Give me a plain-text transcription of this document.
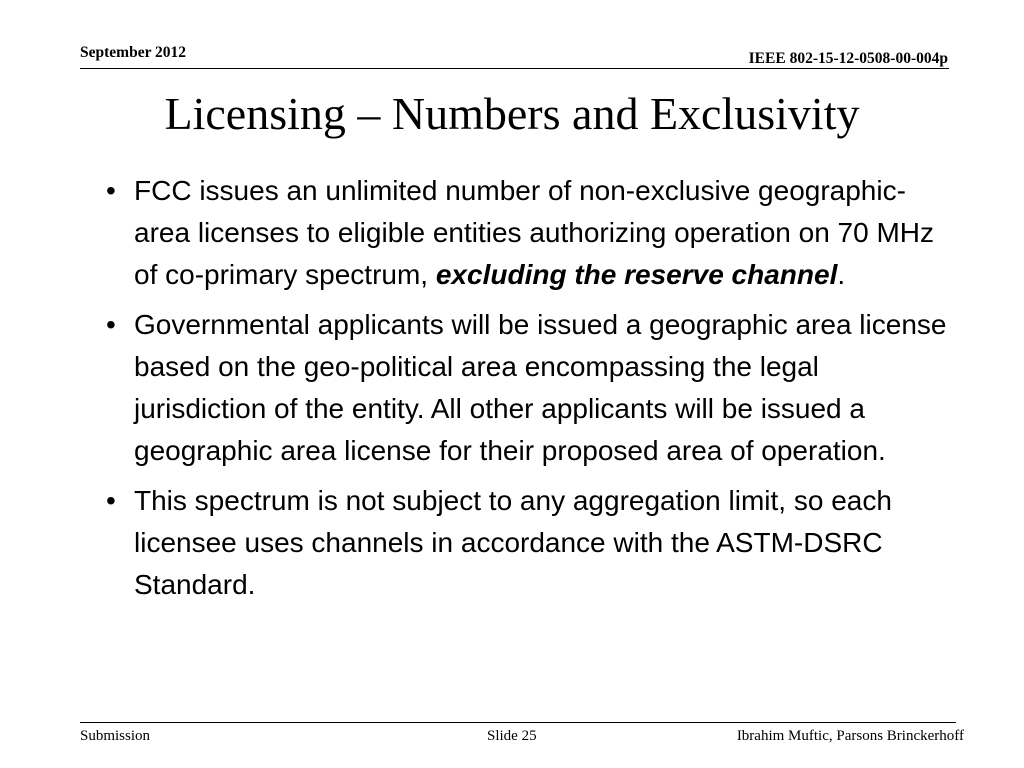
September 2012	IEEE 802-15-12-0508-00-004p
Licensing – Numbers and Exclusivity
• FCC issues an unlimited number of non-exclusive geographic-area licenses to eligible entities authorizing operation on 70 MHz of co-primary spectrum, excluding the reserve channel.
• Governmental applicants will be issued a geographic area license based on the geo-political area encompassing the legal jurisdiction of the entity. All other applicants will be issued a geographic area license for their proposed area of operation.
• This spectrum is not subject to any aggregation limit, so each licensee uses channels in accordance with the ASTM-DSRC Standard.
Submission	Slide 25	Ibrahim Muftic, Parsons Brinckerhoff
